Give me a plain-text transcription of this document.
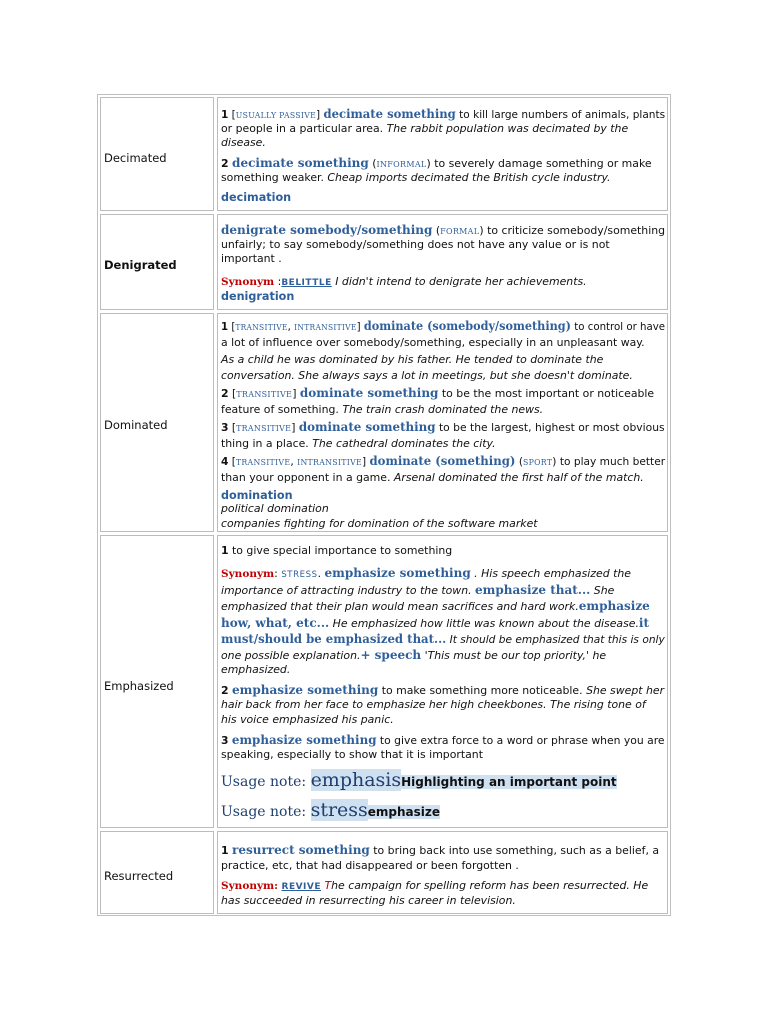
Decimated
1 [USUALLY PASSIVE] decimate something to kill large numbers of animals, plants
or people in a particular area. The rabbit population was decimated by the
disease.
2 decimate something (INFORMAL) to severely damage something or make
something weaker. Cheap imports decimated the British cycle industry.
decimation
Denigrated
denigrate somebody/something (FORMAL) to criticize somebody/something
unfairly; to say somebody/something does not have any value or is not
important .
Synonym :BELITTLE I didn't intend to denigrate her achievements.
denigration
Dominated
1 [TRANSITIVE, INTRANSITIVE] dominate (somebody/something) to control or have
a lot of influence over somebody/something, especially in an unpleasant way.
As a child he was dominated by his father. He tended to dominate the
conversation. She always says a lot in meetings, but she doesn't dominate.
2 [TRANSITIVE] dominate something to be the most important or noticeable
feature of something. The train crash dominated the news.
3 [TRANSITIVE] dominate something to be the largest, highest or most obvious
thing in a place. The cathedral dominates the city.
4 [TRANSITIVE, INTRANSITIVE] dominate (something) (SPORT) to play much better
than your opponent in a game. Arsenal dominated the first half of the match.
domination
political domination
companies fighting for domination of the software market
Emphasized
1 to give special importance to something
Synonym: STRESS. emphasize something . His speech emphasized the
importance of attracting industry to the town. emphasize that... She
emphasized that their plan would mean sacrifices and hard work.emphasize
how, what, etc... He emphasized how little was known about the disease.it
must/should be emphasized that... It should be emphasized that this is only
one possible explanation.+ speech 'This must be our top priority,' he
emphasized.
2 emphasize something to make something more noticeable. She swept her
hair back from her face to emphasize her high cheekbones. The rising tone of
his voice emphasized his panic.
3 emphasize something to give extra force to a word or phrase when you are
speaking, especially to show that it is important
Usage note: emphasisHighlighting an important point
Usage note: stressemphasize
Resurrected
1 resurrect something to bring back into use something, such as a belief, a
practice, etc, that had disappeared or been forgotten .
Synonym: REVIVE The campaign for spelling reform has been resurrected. He
has succeeded in resurrecting his career in television.
